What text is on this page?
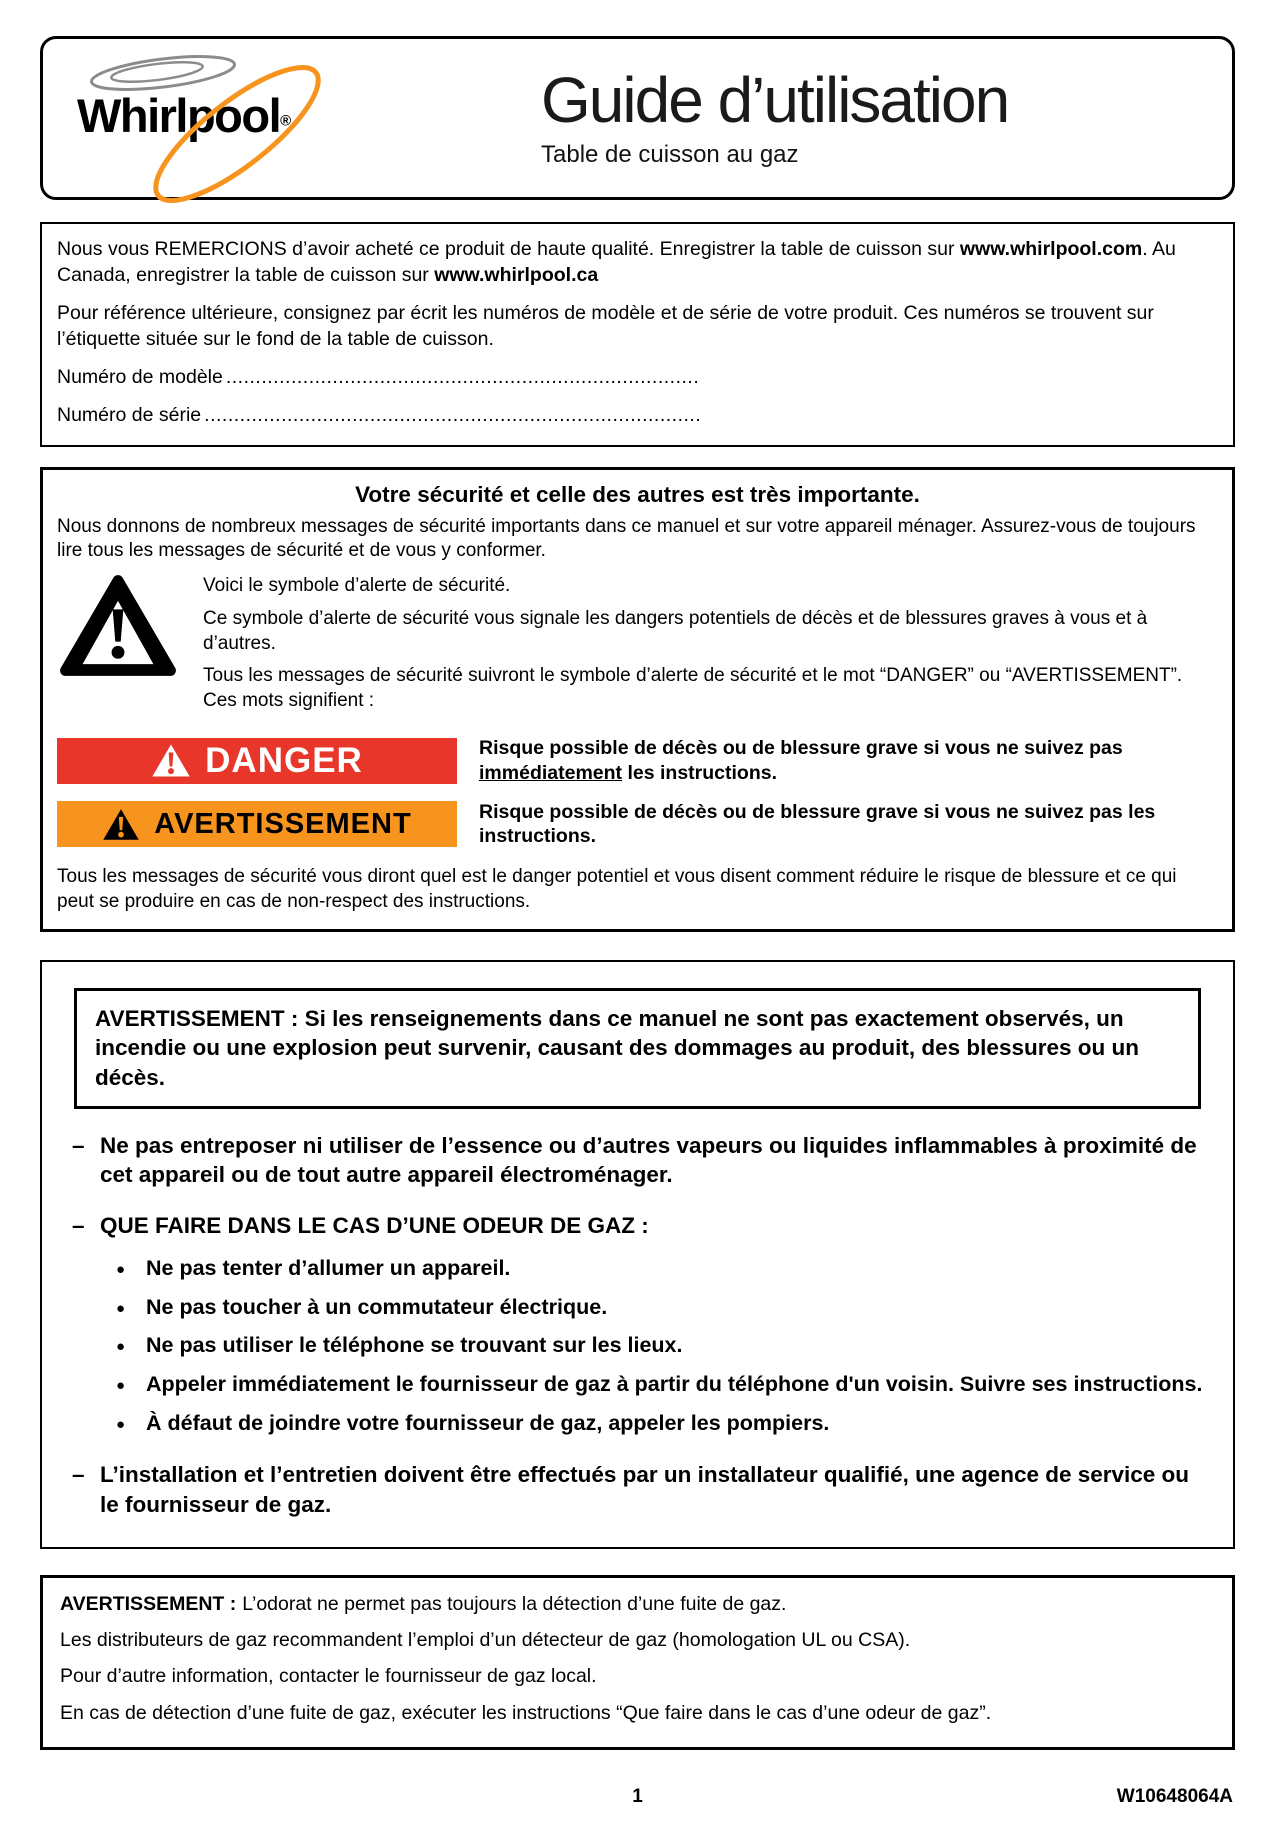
Whirlpool®	Guide d’utilisation
Table de cuisson au gaz

Nous vous REMERCIONS d’avoir acheté ce produit de haute qualité. Enregistrer la table de cuisson sur www.whirlpool.com. Au Canada, enregistrer la table de cuisson sur www.whirlpool.ca

Pour référence ultérieure, consignez par écrit les numéros de modèle et de série de votre produit. Ces numéros se trouvent sur l’étiquette située sur le fond de la table de cuisson.

Numéro de modèle ................................................................................

Numéro de série ....................................................................................

Votre sécurité et celle des autres est très importante.

Nous donnons de nombreux messages de sécurité importants dans ce manuel et sur votre appareil ménager. Assurez-vous de toujours lire tous les messages de sécurité et de vous y conformer.

Voici le symbole d’alerte de sécurité.

Ce symbole d’alerte de sécurité vous signale les dangers potentiels de décès et de blessures graves à vous et à d’autres.

Tous les messages de sécurité suivront le symbole d’alerte de sécurité et le mot “DANGER” ou “AVERTISSEMENT”. Ces mots signifient :

DANGER	Risque possible de décès ou de blessure grave si vous ne suivez pas immédiatement les instructions.

AVERTISSEMENT	Risque possible de décès ou de blessure grave si vous ne suivez pas les instructions.

Tous les messages de sécurité vous diront quel est le danger potentiel et vous disent comment réduire le risque de blessure et ce qui peut se produire en cas de non-respect des instructions.

AVERTISSEMENT : Si les renseignements dans ce manuel ne sont pas exactement observés, un incendie ou une explosion peut survenir, causant des dommages au produit, des blessures ou un décès.

– Ne pas entreposer ni utiliser de l’essence ou d’autres vapeurs ou liquides inflammables à proximité de cet appareil ou de tout autre appareil électroménager.

– QUE FAIRE DANS LE CAS D’UNE ODEUR DE GAZ :

● Ne pas tenter d’allumer un appareil.

● Ne pas toucher à un commutateur électrique.

● Ne pas utiliser le téléphone se trouvant sur les lieux.

● Appeler immédiatement le fournisseur de gaz à partir du téléphone d'un voisin. Suivre ses instructions.

● À défaut de joindre votre fournisseur de gaz, appeler les pompiers.

– L’installation et l’entretien doivent être effectués par un installateur qualifié, une agence de service ou le fournisseur de gaz.

AVERTISSEMENT : L’odorat ne permet pas toujours la détection d’une fuite de gaz.

Les distributeurs de gaz recommandent l’emploi d’un détecteur de gaz (homologation UL ou CSA).

Pour d’autre information, contacter le fournisseur de gaz local.

En cas de détection d’une fuite de gaz, exécuter les instructions “Que faire dans le cas d’une odeur de gaz”.

1	W10648064A
